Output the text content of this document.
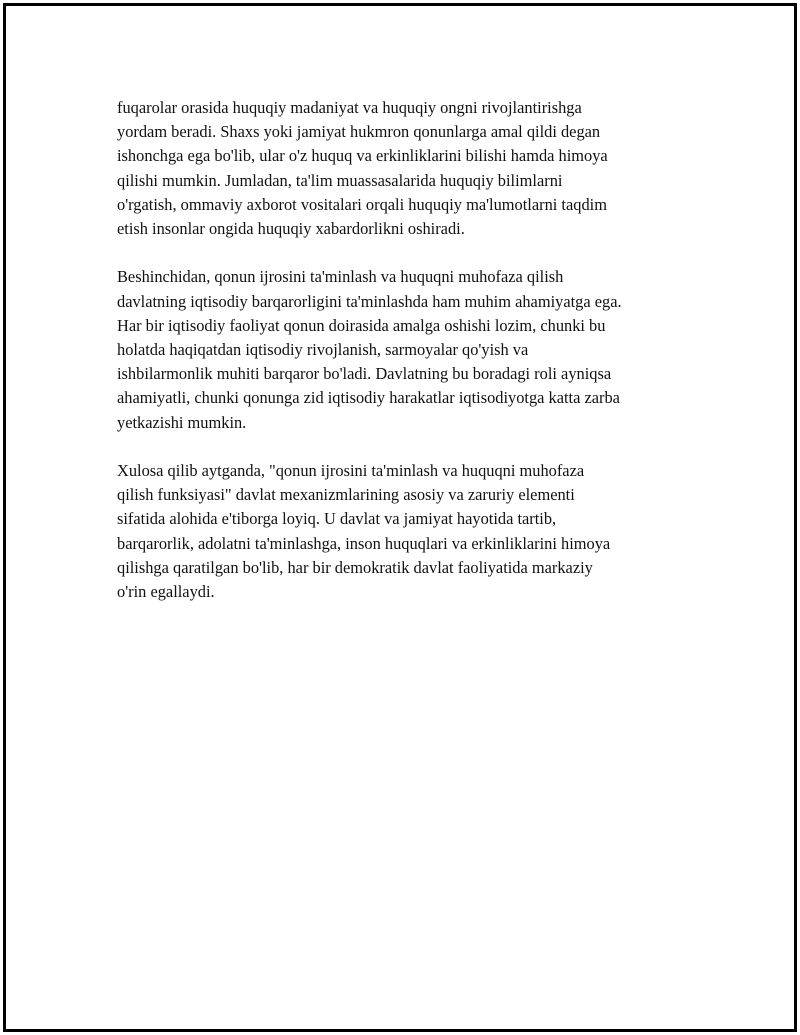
fuqarolar orasida huquqiy madaniyat va huquqiy ongni rivojlantirishga
yordam beradi. Shaxs yoki jamiyat hukmron qonunlarga amal qildi degan
ishonchga ega bo'lib, ular o'z huquq va erkinliklarini bilishi hamda himoya
qilishi mumkin. Jumladan, ta'lim muassasalarida huquqiy bilimlarni
o'rgatish, ommaviy axborot vositalari orqali huquqiy ma'lumotlarni taqdim
etish insonlar ongida huquqiy xabardorlikni oshiradi.
Beshinchidan, qonun ijrosini ta'minlash va huquqni muhofaza qilish
davlatning iqtisodiy barqarorligini ta'minlashda ham muhim ahamiyatga ega.
Har bir iqtisodiy faoliyat qonun doirasida amalga oshishi lozim, chunki bu
holatda haqiqatdan iqtisodiy rivojlanish, sarmoyalar qo'yish va
ishbilarmonlik muhiti barqaror bo'ladi. Davlatning bu boradagi roli ayniqsa
ahamiyatli, chunki qonunga zid iqtisodiy harakatlar iqtisodiyotga katta zarba
yetkazishi mumkin.
Xulosa qilib aytganda, "qonun ijrosini ta'minlash va huquqni muhofaza
qilish funksiyasi" davlat mexanizmlarining asosiy va zaruriy elementi
sifatida alohida e'tiborga loyiq. U davlat va jamiyat hayotida tartib,
barqarorlik, adolatni ta'minlashga, inson huquqlari va erkinliklarini himoya
qilishga qaratilgan bo'lib, har bir demokratik davlat faoliyatida markaziy
o'rin egallaydi.
